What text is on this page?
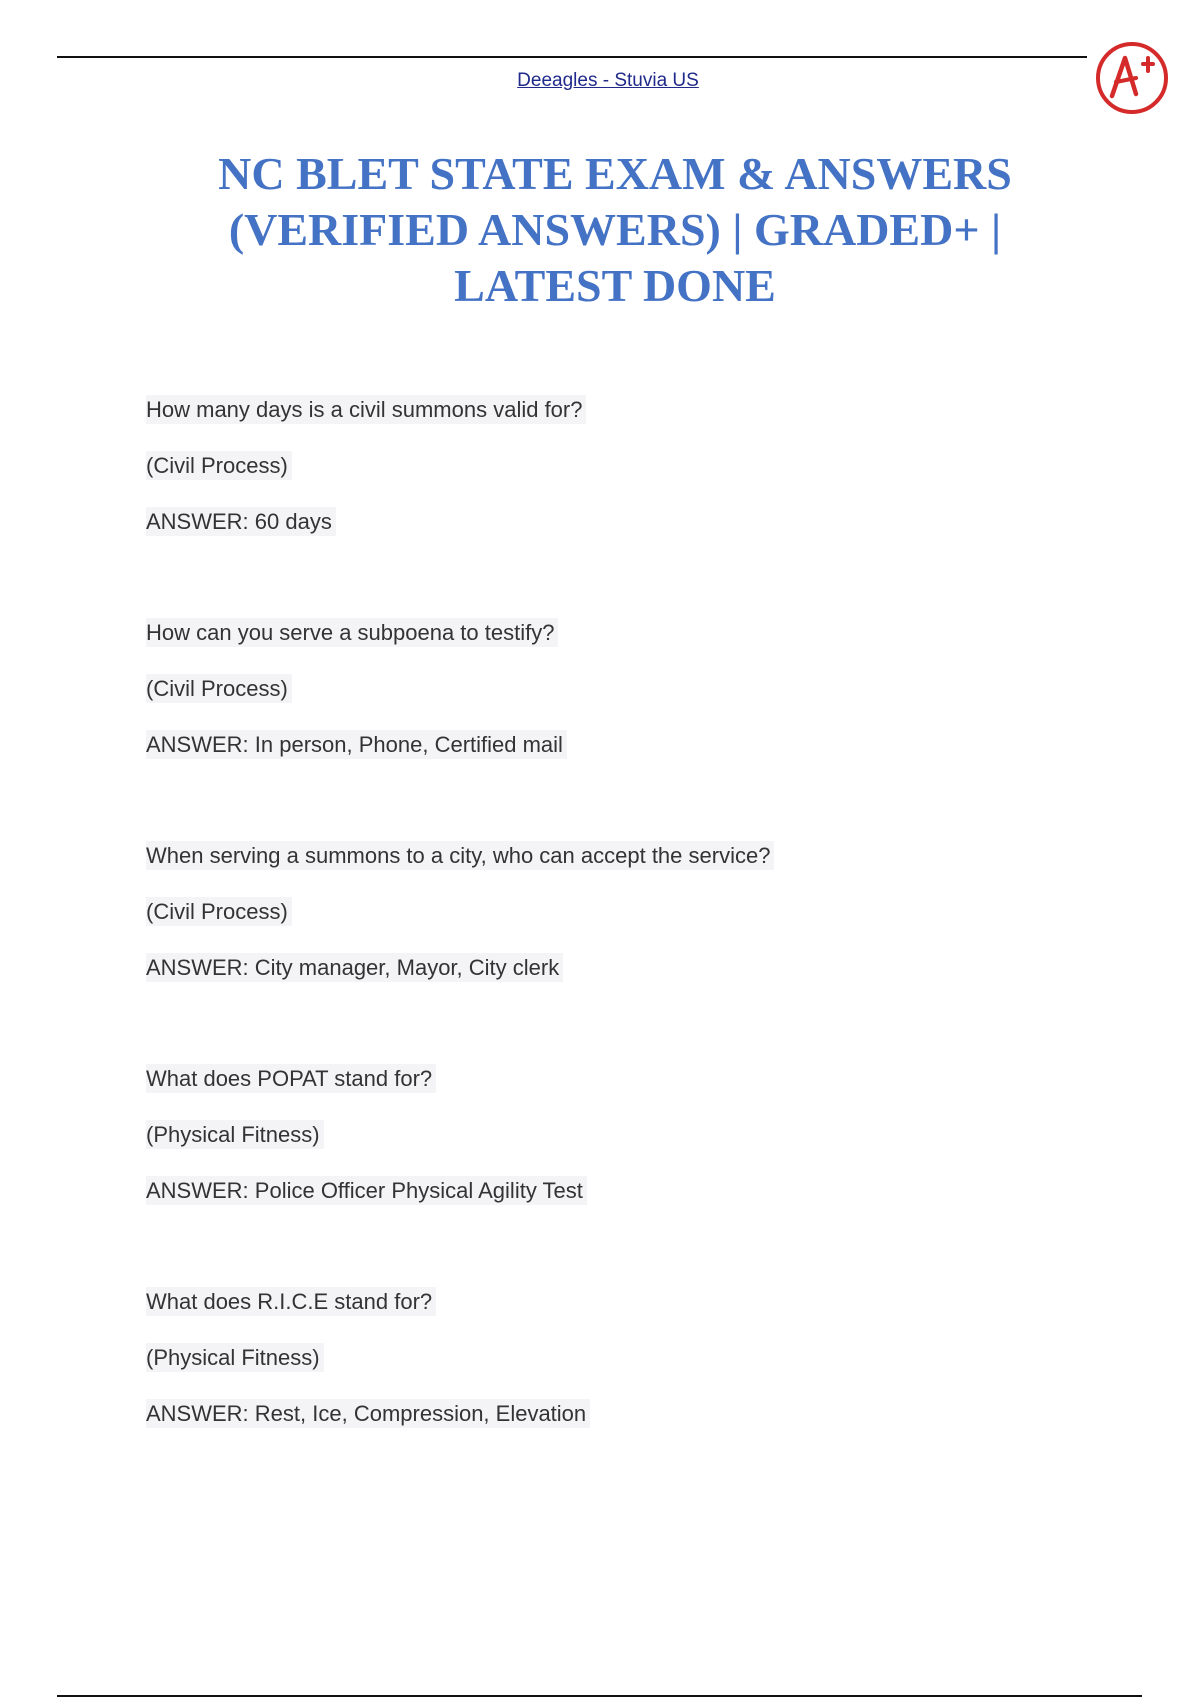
Deeagles - Stuvia US
NC BLET STATE EXAM & ANSWERS
(VERIFIED ANSWERS) | GRADED+ |
LATEST DONE
How many days is a civil summons valid for?
(Civil Process)
ANSWER: 60 days
How can you serve a subpoena to testify?
(Civil Process)
ANSWER: In person, Phone, Certified mail
When serving a summons to a city, who can accept the service?
(Civil Process)
ANSWER: City manager, Mayor, City clerk
What does POPAT stand for?
(Physical Fitness)
ANSWER: Police Officer Physical Agility Test
What does R.I.C.E stand for?
(Physical Fitness)
ANSWER: Rest, Ice, Compression, Elevation
